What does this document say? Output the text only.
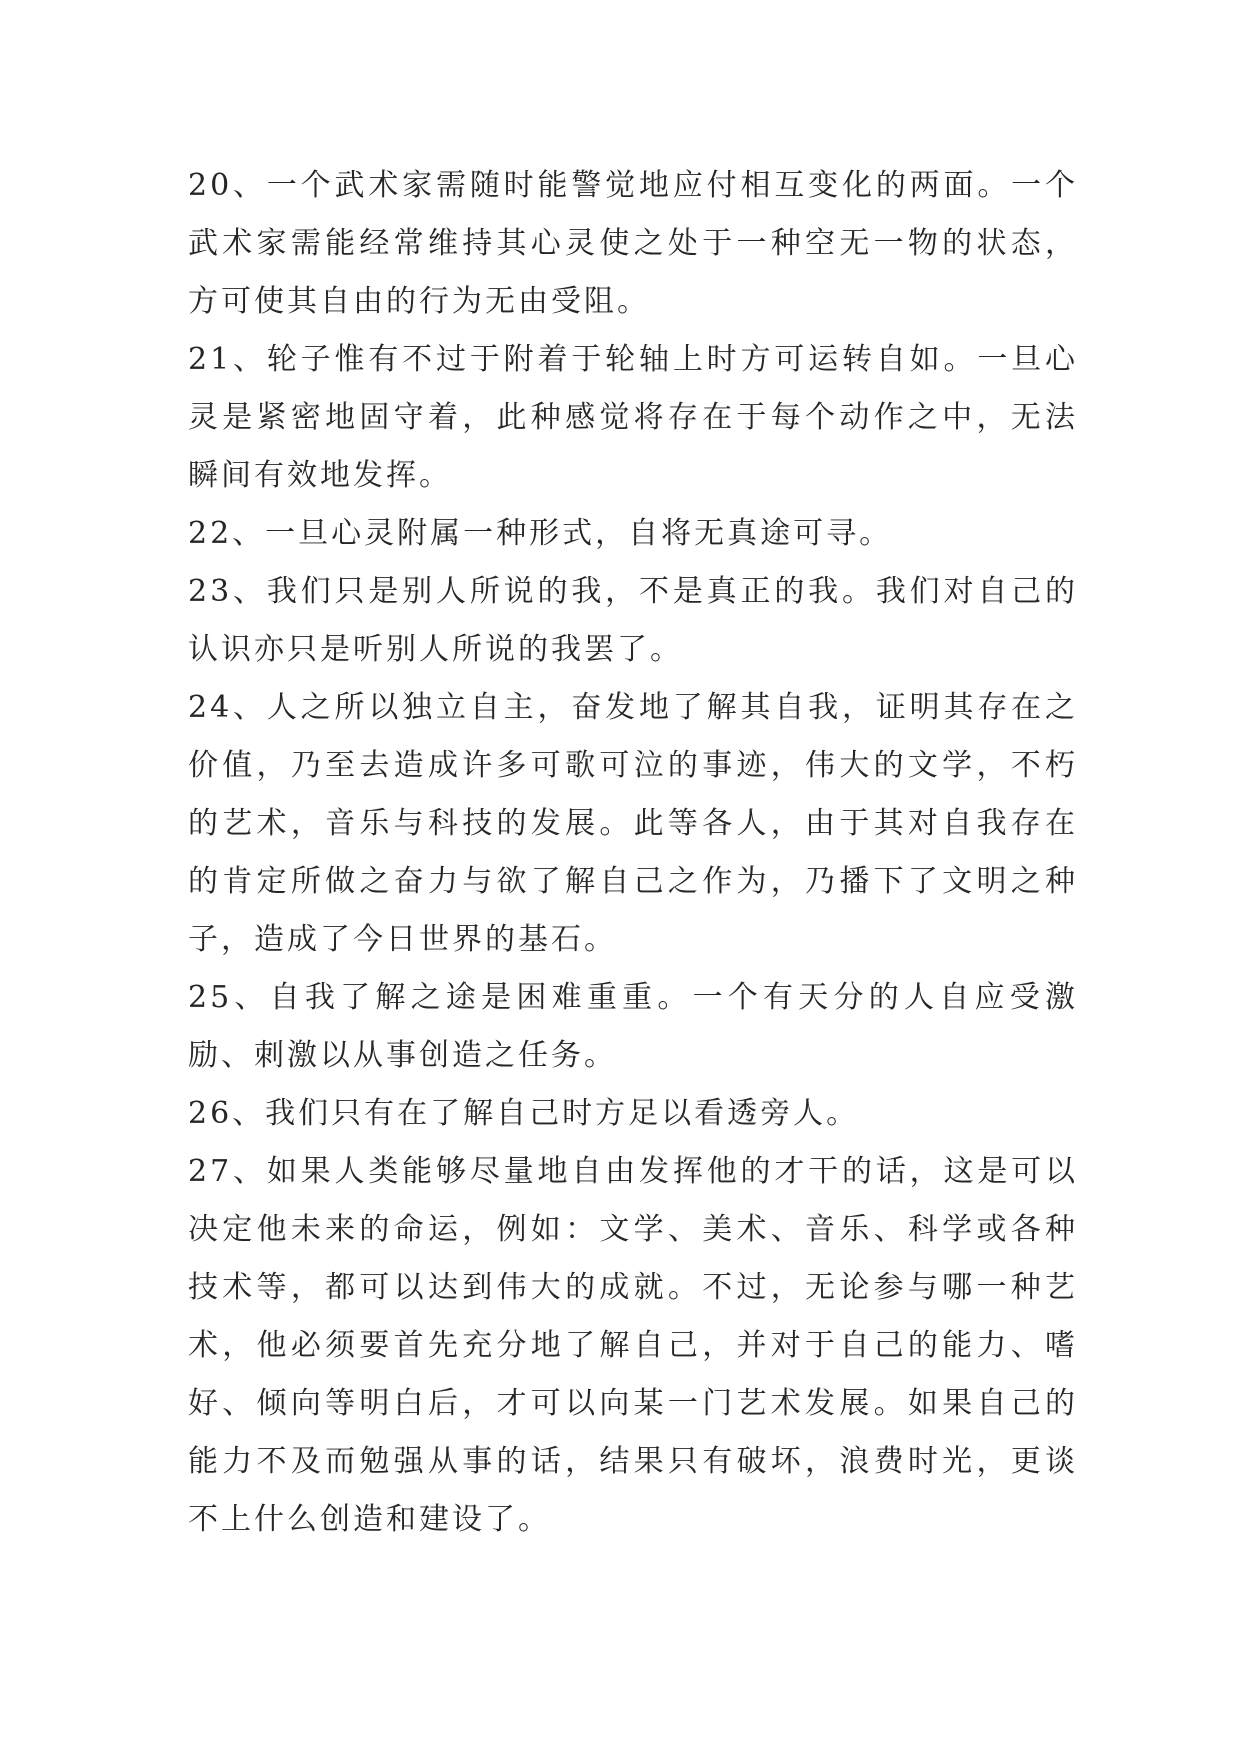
20、一个武术家需随时能警觉地应付相互变化的两面。一个武术家需能经常维持其心灵使之处于一种空无一物的状态，方可使其自由的行为无由受阻。

21、轮子惟有不过于附着于轮轴上时方可运转自如。一旦心灵是紧密地固守着，此种感觉将存在于每个动作之中，无法瞬间有效地发挥。

22、一旦心灵附属一种形式，自将无真途可寻。

23、我们只是别人所说的我，不是真正的我。我们对自己的认识亦只是听别人所说的我罢了。

24、人之所以独立自主，奋发地了解其自我，证明其存在之价值，乃至去造成许多可歌可泣的事迹，伟大的文学，不朽的艺术，音乐与科技的发展。此等各人，由于其对自我存在的肯定所做之奋力与欲了解自己之作为，乃播下了文明之种子，造成了今日世界的基石。

25、自我了解之途是困难重重。一个有天分的人自应受激励、刺激以从事创造之任务。

26、我们只有在了解自己时方足以看透旁人。

27、如果人类能够尽量地自由发挥他的才干的话，这是可以决定他未来的命运，例如：文学、美术、音乐、科学或各种技术等，都可以达到伟大的成就。不过，无论参与哪一种艺术，他必须要首先充分地了解自己，并对于自己的能力、嗜好、倾向等明白后，才可以向某一门艺术发展。如果自己的能力不及而勉强从事的话，结果只有破坏，浪费时光，更谈不上什么创造和建设了。
